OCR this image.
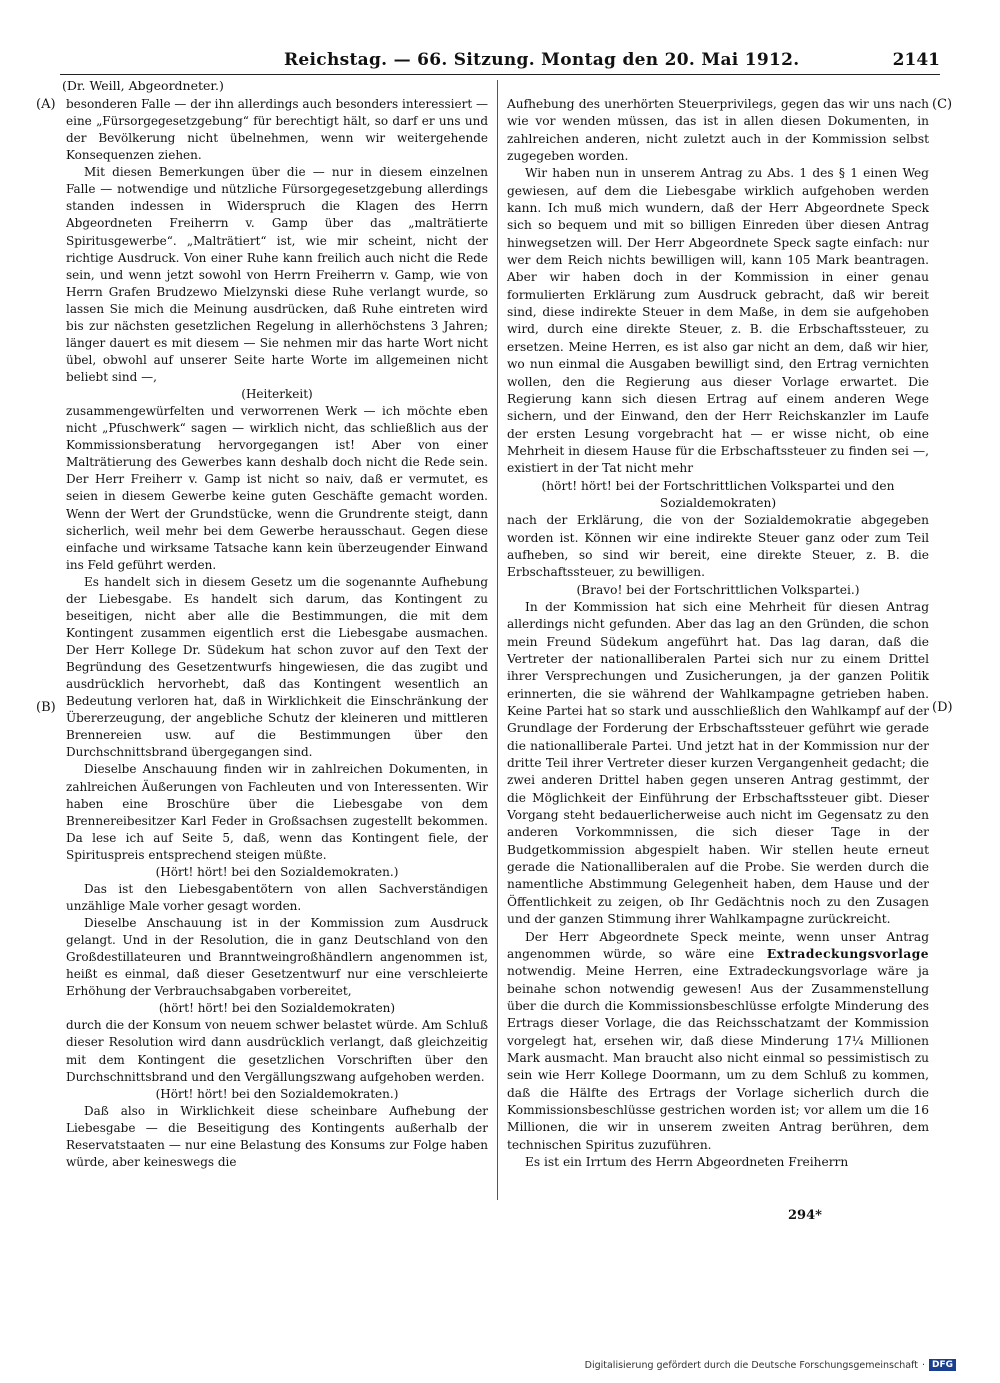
Reichstag. — 66. Sitzung. Montag den 20. Mai 1912.	2141
(Dr. Weill, Abgeordneter.)
(A)
(B)
(C)
(D)

besonderen Falle — der ihn allerdings auch besonders interessiert — eine „Fürsorgegesetzgebung“ für berechtigt hält, so darf er uns und der Bevölkerung nicht übelnehmen, wenn wir weitergehende Konsequenzen ziehen.

Mit diesen Bemerkungen über die — nur in diesem einzelnen Falle — notwendige und nützliche Fürsorgegesetzgebung allerdings standen indessen in Widerspruch die Klagen des Herrn Abgeordneten Freiherrn v. Gamp über das „malträtierte Spiritusgewerbe“. „Malträtiert“ ist, wie mir scheint, nicht der richtige Ausdruck. Von einer Ruhe kann freilich auch nicht die Rede sein, und wenn jetzt sowohl von Herrn Freiherrn v. Gamp, wie von Herrn Grafen Brudzewo Mielzynski diese Ruhe verlangt wurde, so lassen Sie mich die Meinung ausdrücken, daß Ruhe eintreten wird bis zur nächsten gesetzlichen Regelung in allerhöchstens 3 Jahren; länger dauert es mit diesem — Sie nehmen mir das harte Wort nicht übel, obwohl auf unserer Seite harte Worte im allgemeinen nicht beliebt sind —,

(Heiterkeit)

zusammengewürfelten und verworrenen Werk — ich möchte eben nicht „Pfuschwerk“ sagen — wirklich nicht, das schließlich aus der Kommissionsberatung hervorgegangen ist! Aber von einer Malträtierung des Gewerbes kann deshalb doch nicht die Rede sein. Der Herr Freiherr v. Gamp ist nicht so naiv, daß er vermutet, es seien in diesem Gewerbe keine guten Geschäfte gemacht worden. Wenn der Wert der Grundstücke, wenn die Grundrente steigt, dann sicherlich, weil mehr bei dem Gewerbe herausschaut. Gegen diese einfache und wirksame Tatsache kann kein überzeugender Einwand ins Feld geführt werden.

Es handelt sich in diesem Gesetz um die sogenannte Aufhebung der Liebesgabe. Es handelt sich darum, das Kontingent zu beseitigen, nicht aber alle die Bestimmungen, die mit dem Kontingent zusammen eigentlich erst die Liebesgabe ausmachen. Der Herr Kollege Dr. Südekum hat schon zuvor auf den Text der Begründung des Gesetzentwurfs hingewiesen, die das zugibt und ausdrücklich hervorhebt, daß das Kontingent wesentlich an Bedeutung verloren hat, daß in Wirklichkeit die Einschränkung der Übererzeugung, der angebliche Schutz der kleineren und mittleren Brennereien usw. auf die Bestimmungen über den Durchschnittsbrand übergegangen sind.

Dieselbe Anschauung finden wir in zahlreichen Dokumenten, in zahlreichen Äußerungen von Fachleuten und von Interessenten. Wir haben eine Broschüre über die Liebesgabe von dem Brennereibesitzer Karl Feder in Großsachsen zugestellt bekommen. Da lese ich auf Seite 5, daß, wenn das Kontingent fiele, der Spirituspreis entsprechend steigen müßte.

(Hört! hört! bei den Sozialdemokraten.)

Das ist den Liebesgabentötern von allen Sachverständigen unzählige Male vorher gesagt worden.

Dieselbe Anschauung ist in der Kommission zum Ausdruck gelangt. Und in der Resolution, die in ganz Deutschland von den Großdestillateuren und Branntweingroßhändlern angenommen ist, heißt es einmal, daß dieser Gesetzentwurf nur eine verschleierte Erhöhung der Verbrauchsabgaben vorbereitet,

(hört! hört! bei den Sozialdemokraten)

durch die der Konsum von neuem schwer belastet würde. Am Schluß dieser Resolution wird dann ausdrücklich verlangt, daß gleichzeitig mit dem Kontingent die gesetzlichen Vorschriften über den Durchschnittsbrand und den Vergällungszwang aufgehoben werden.

(Hört! hört! bei den Sozialdemokraten.)

Daß also in Wirklichkeit diese scheinbare Aufhebung der Liebesgabe — die Beseitigung des Kontingents außerhalb der Reservatstaaten — nur eine Belastung des Konsums zur Folge haben würde, aber keineswegs die

Aufhebung des unerhörten Steuerprivilegs, gegen das wir uns nach wie vor wenden müssen, das ist in allen diesen Dokumenten, in zahlreichen anderen, nicht zuletzt auch in der Kommission selbst zugegeben worden.

Wir haben nun in unserem Antrag zu Abs. 1 des § 1 einen Weg gewiesen, auf dem die Liebesgabe wirklich aufgehoben werden kann. Ich muß mich wundern, daß der Herr Abgeordnete Speck sich so bequem und mit so billigen Einreden über diesen Antrag hinwegsetzen will. Der Herr Abgeordnete Speck sagte einfach: nur wer dem Reich nichts bewilligen will, kann 105 Mark beantragen. Aber wir haben doch in der Kommission in einer genau formulierten Erklärung zum Ausdruck gebracht, daß wir bereit sind, diese indirekte Steuer in dem Maße, in dem sie aufgehoben wird, durch eine direkte Steuer, z. B. die Erbschaftssteuer, zu ersetzen. Meine Herren, es ist also gar nicht an dem, daß wir hier, wo nun einmal die Ausgaben bewilligt sind, den Ertrag vernichten wollen, den die Regierung aus dieser Vorlage erwartet. Die Regierung kann sich diesen Ertrag auf einem anderen Wege sichern, und der Einwand, den der Herr Reichskanzler im Laufe der ersten Lesung vorgebracht hat — er wisse nicht, ob eine Mehrheit in diesem Hause für die Erbschaftssteuer zu finden sei —, existiert in der Tat nicht mehr

(hört! hört! bei der Fortschrittlichen Volkspartei und den Sozialdemokraten)

nach der Erklärung, die von der Sozialdemokratie abgegeben worden ist. Können wir eine indirekte Steuer ganz oder zum Teil aufheben, so sind wir bereit, eine direkte Steuer, z. B. die Erbschaftssteuer, zu bewilligen.

(Bravo! bei der Fortschrittlichen Volkspartei.)

In der Kommission hat sich eine Mehrheit für diesen Antrag allerdings nicht gefunden. Aber das lag an den Gründen, die schon mein Freund Südekum angeführt hat. Das lag daran, daß die Vertreter der nationalliberalen Partei sich nur zu einem Drittel ihrer Versprechungen und Zusicherungen, ja der ganzen Politik erinnerten, die sie während der Wahlkampagne getrieben haben. Keine Partei hat so stark und ausschließlich den Wahlkampf auf der Grundlage der Forderung der Erbschaftssteuer geführt wie gerade die nationalliberale Partei. Und jetzt hat in der Kommission nur der dritte Teil ihrer Vertreter dieser kurzen Vergangenheit gedacht; die zwei anderen Drittel haben gegen unseren Antrag gestimmt, der die Möglichkeit der Einführung der Erbschaftssteuer gibt. Dieser Vorgang steht bedauerlicherweise auch nicht im Gegensatz zu den anderen Vorkommnissen, die sich dieser Tage in der Budgetkommission abgespielt haben. Wir stellen heute erneut gerade die Nationalliberalen auf die Probe. Sie werden durch die namentliche Abstimmung Gelegenheit haben, dem Hause und der Öffentlichkeit zu zeigen, ob Ihr Gedächtnis noch zu den Zusagen und der ganzen Stimmung ihrer Wahlkampagne zurückreicht.

Der Herr Abgeordnete Speck meinte, wenn unser Antrag angenommen würde, so wäre eine Extradeckungsvorlage notwendig. Meine Herren, eine Extradeckungsvorlage wäre ja beinahe schon notwendig gewesen! Aus der Zusammenstellung über die durch die Kommissionsbeschlüsse erfolgte Minderung des Ertrags dieser Vorlage, die das Reichsschatzamt der Kommission vorgelegt hat, ersehen wir, daß diese Minderung 17¼ Millionen Mark ausmacht. Man braucht also nicht einmal so pessimistisch zu sein wie Herr Kollege Doormann, um zu dem Schluß zu kommen, daß die Hälfte des Ertrags der Vorlage sicherlich durch die Kommissionsbeschlüsse gestrichen worden ist; vor allem um die 16 Millionen, die wir in unserem zweiten Antrag berühren, dem technischen Spiritus zuzuführen.

Es ist ein Irrtum des Herrn Abgeordneten Freiherrn

294*
Digitalisierung gefördert durch die Deutsche Forschungsgemeinschaft · DFG
